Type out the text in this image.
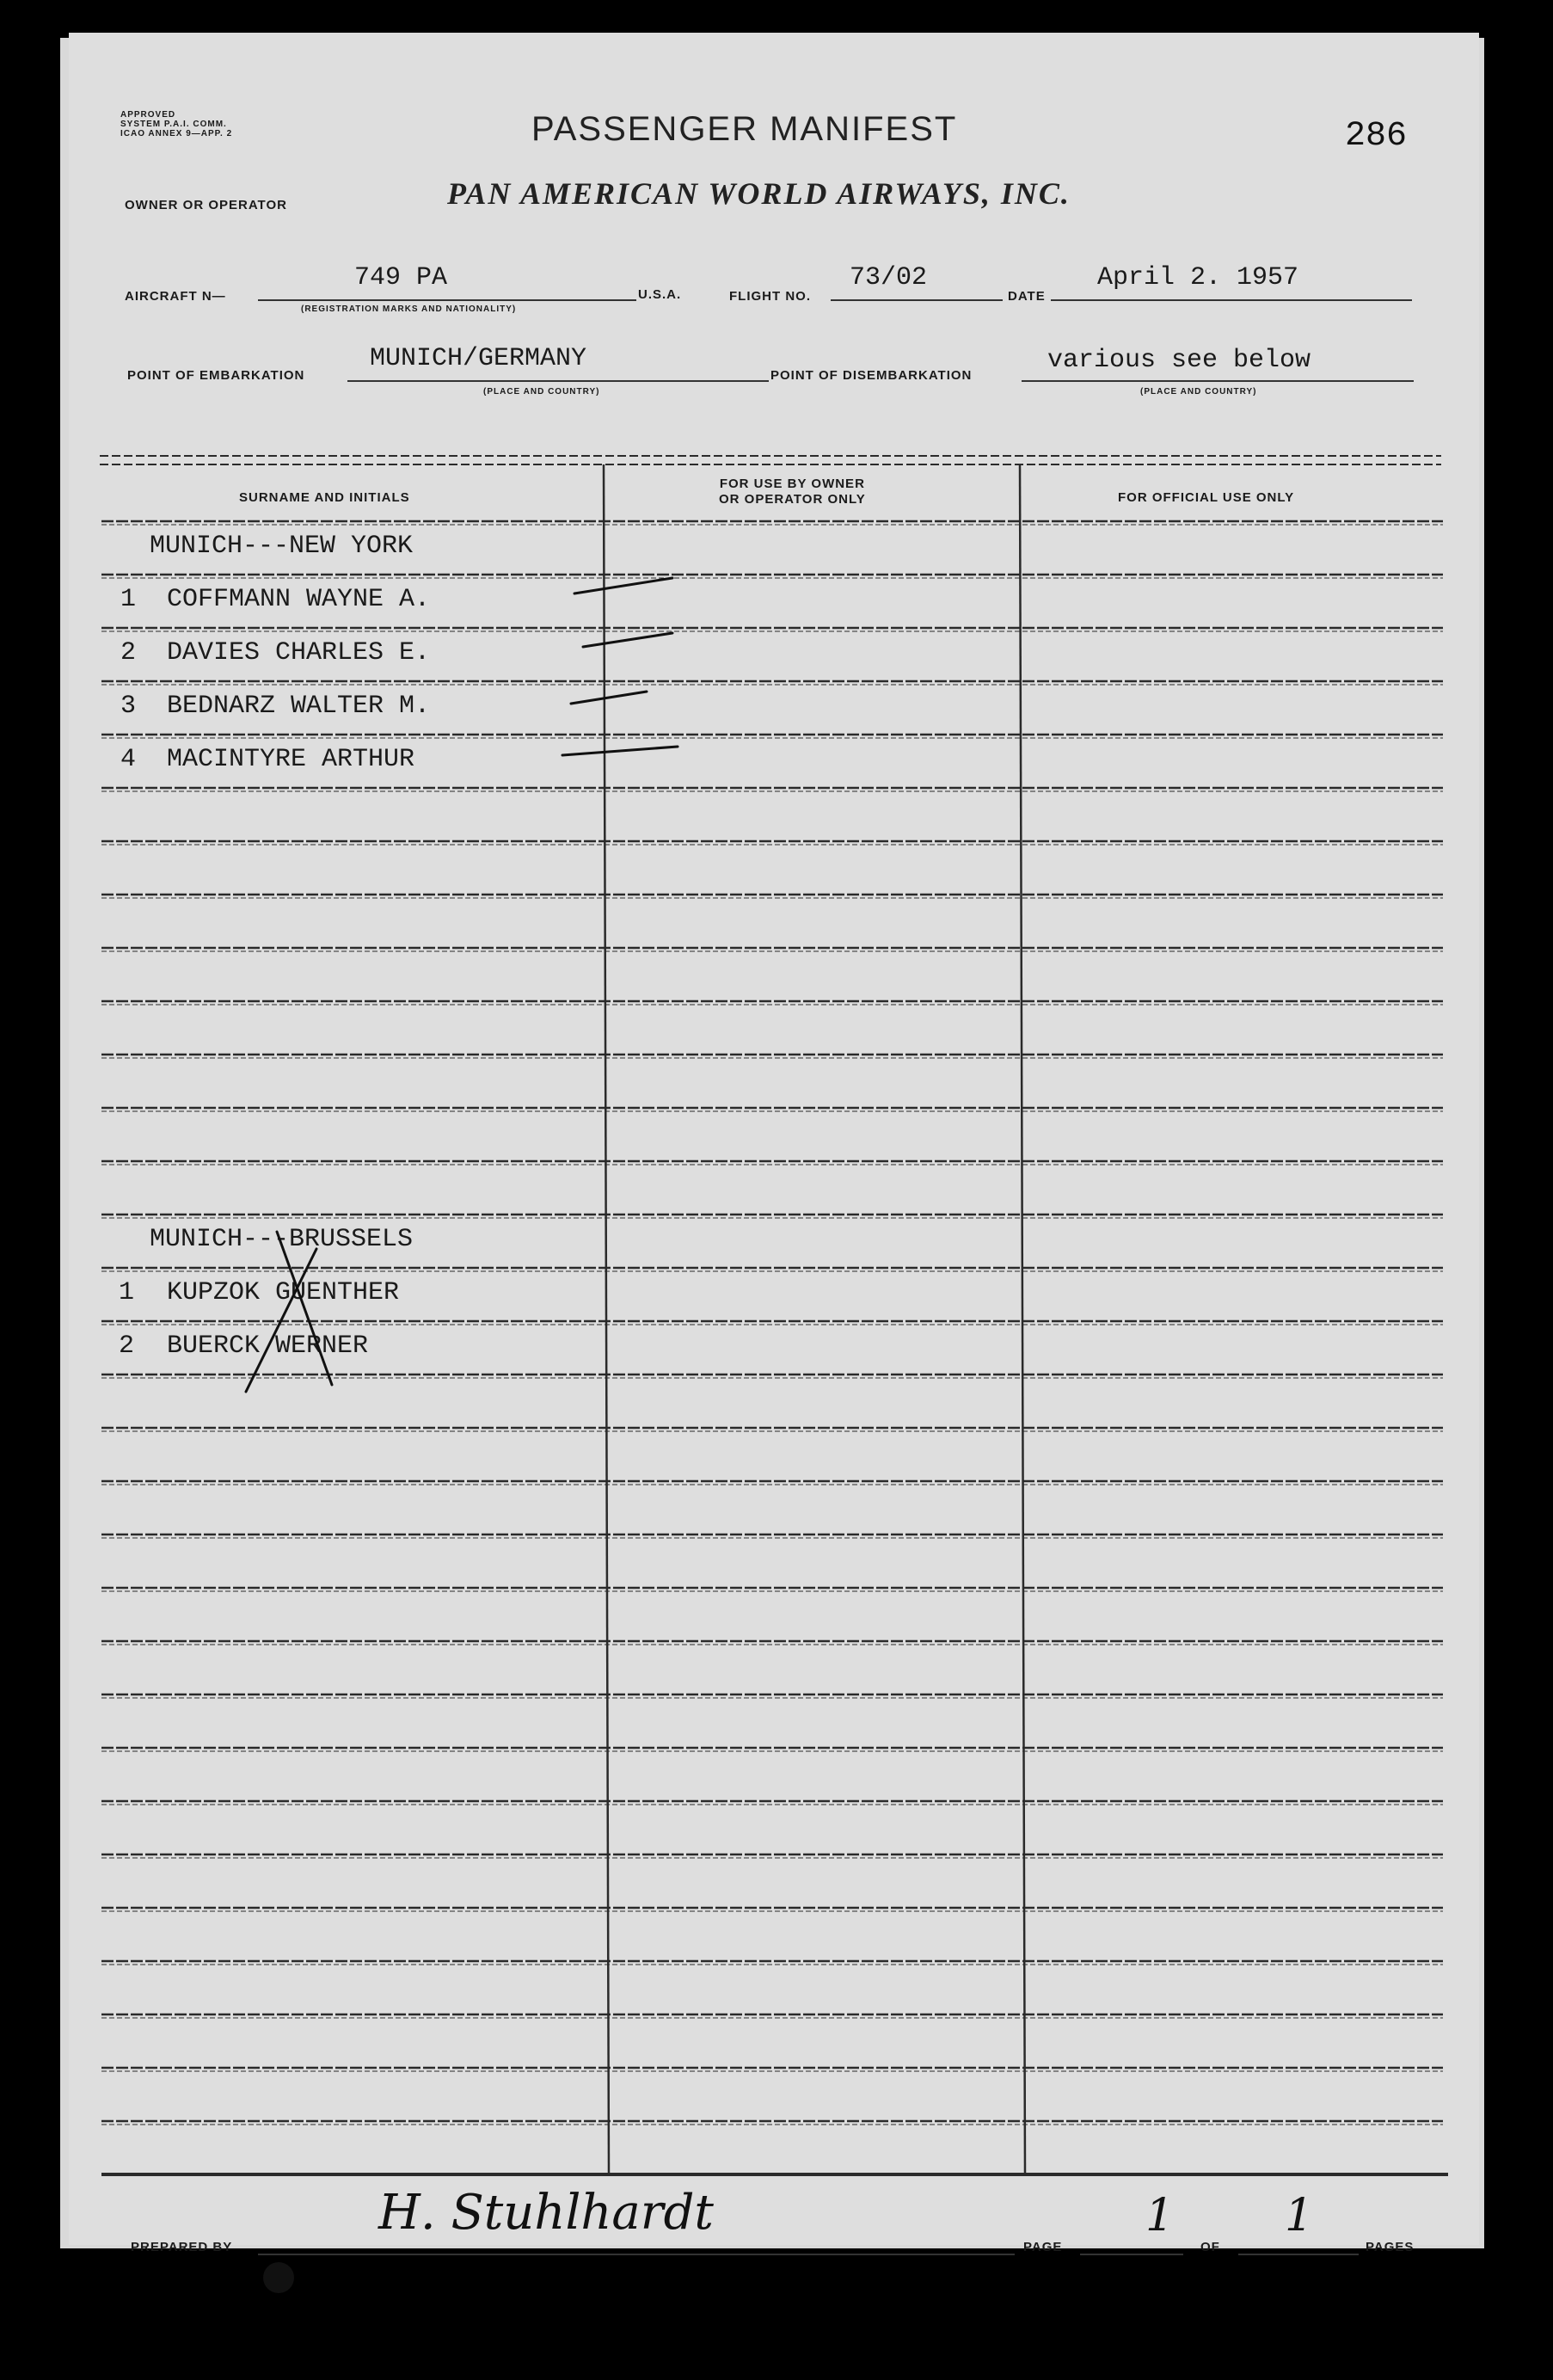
APPROVED
SYSTEM P.A.I. COMM.
ICAO ANNEX 9—APP. 2	PASSENGER MANIFEST	286
OWNER OR OPERATOR	PAN AMERICAN WORLD AIRWAYS, INC.
AIRCRAFT N—
749 PA
(REGISTRATION MARKS AND NATIONALITY)
U.S.A.	FLIGHT NO.
73/02
DATE
April 2. 1957
POINT OF EMBARKATION
MUNICH/GERMANY
(PLACE AND COUNTRY)
POINT OF DISEMBARKATION
various see below
(PLACE AND COUNTRY)
SURNAME AND INITIALS
FOR USE BY OWNER
OR OPERATOR ONLY	FOR OFFICIAL USE ONLY
MUNICH---NEW YORK
1 COFFMANN WAYNE A.
2 DAVIES CHARLES E.
3 BEDNARZ WALTER M.
4 MACINTYRE ARTHUR
MUNICH---BRUSSELS
1 KUPZOK GUENTHER
2 BUERCK WERNER
PREPARED BY
H. Stuhlhardt
PAGE
1
OF
1
PAGES
